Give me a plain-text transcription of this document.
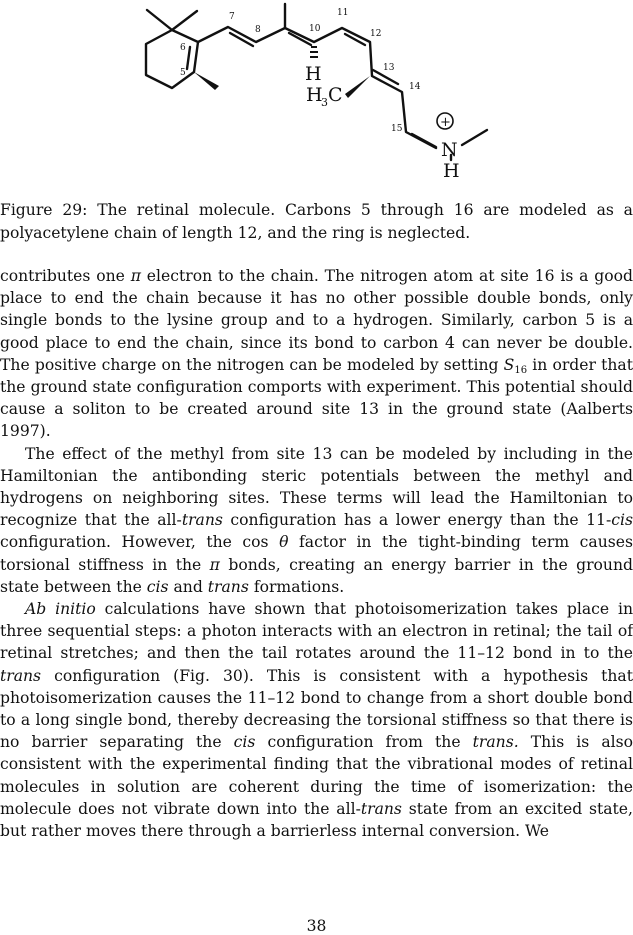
H
H
3 C
N
+
H
5
6
7
8	10
11
12
13
14
15
Figure 29: The retinal molecule. Carbons 5 through 16 are modeled as a polyacetylene chain of length 12, and the ring is neglected.

contributes one π electron to the chain. The nitrogen atom at site 16 is a good place to end the chain because it has no other possible double bonds, only single bonds to the lysine group and to a hydrogen. Similarly, carbon 5 is a good place to end the chain, since its bond to carbon 4 can never be double. The positive charge on the nitrogen can be modeled by setting $S_{16}$ in order that the ground state configuration comports with experiment. This potential should cause a soliton to be created around site 13 in the ground state (Aalberts 1997).

The effect of the methyl from site 13 can be modeled by including in the Hamiltonian the antibonding steric potentials between the methyl and hydrogens on neighboring sites. These terms will lead the Hamiltonian to recognize that the all-trans configuration has a lower energy than the 11-cis configuration. However, the cos θ factor in the tight-binding term causes torsional stiffness in the π bonds, creating an energy barrier in the ground state between the cis and trans formations.

Ab initio calculations have shown that photoisomerization takes place in three sequential steps: a photon interacts with an electron in retinal; the tail of retinal stretches; and then the tail rotates around the 11–12 bond in to the trans configuration (Fig. 30). This is consistent with a hypothesis that photoisomerization causes the 11–12 bond to change from a short double bond to a long single bond, thereby decreasing the torsional stiffness so that there is no barrier separating the cis configuration from the trans. This is also consistent with the experimental finding that the vibrational modes of retinal molecules in solution are coherent during the time of isomerization: the molecule does not vibrate down into the all-trans state from an excited state, but rather moves there through a barrierless internal conversion. We

38
